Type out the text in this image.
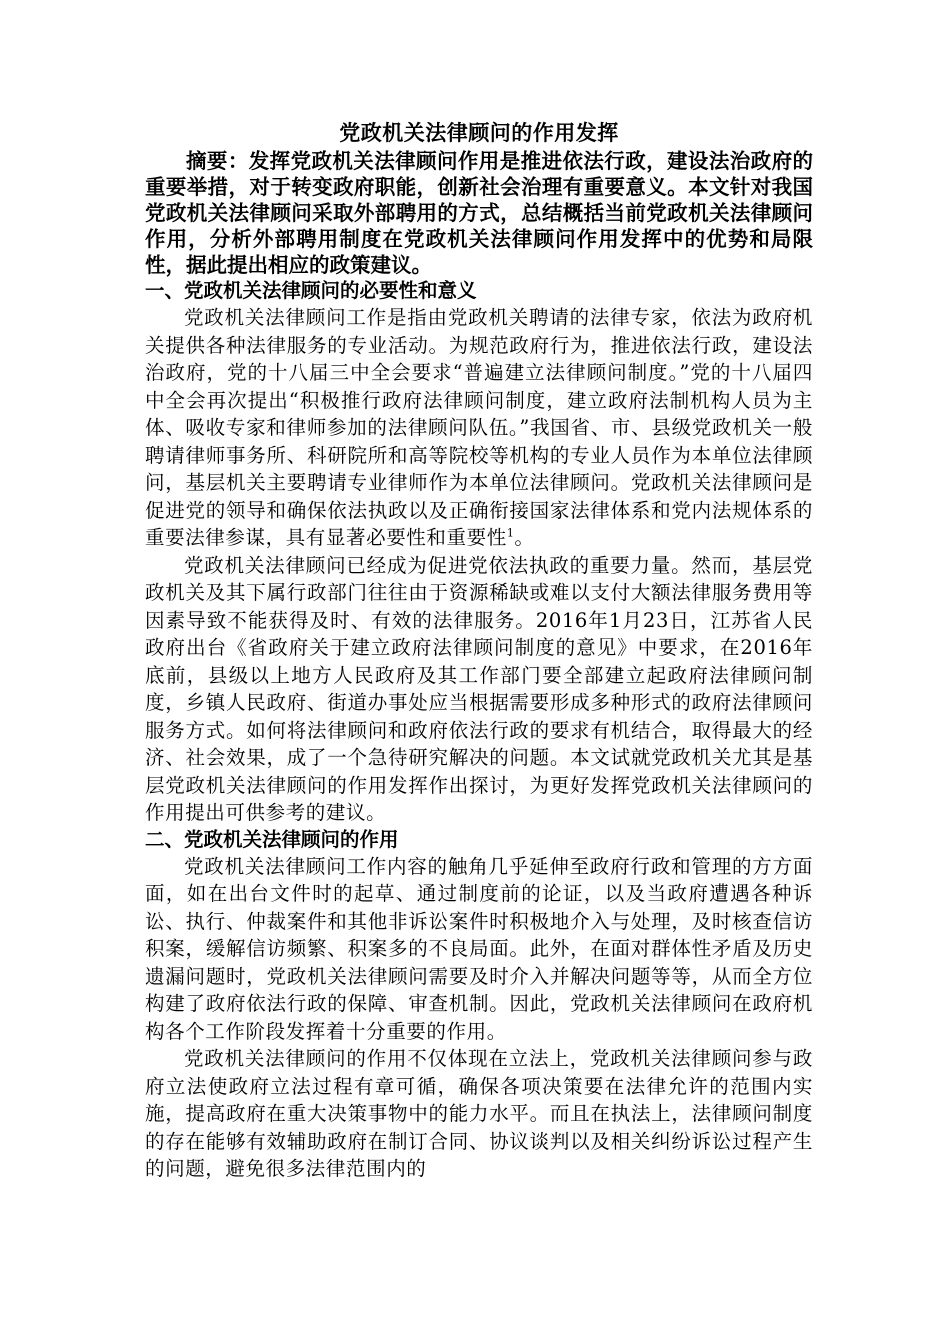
党政机关法律顾问的作用发挥

摘要：发挥党政机关法律顾问作用是推进依法行政，建设法治政府的重要举措，对于转变政府职能，创新社会治理有重要意义。本文针对我国党政机关法律顾问采取外部聘用的方式，总结概括当前党政机关法律顾问作用，分析外部聘用制度在党政机关法律顾问作用发挥中的优势和局限性，据此提出相应的政策建议。

一、党政机关法律顾问的必要性和意义

党政机关法律顾问工作是指由党政机关聘请的法律专家，依法为政府机关提供各种法律服务的专业活动。为规范政府行为，推进依法行政，建设法治政府，党的十八届三中全会要求“普遍建立法律顾问制度。”党的十八届四中全会再次提出“积极推行政府法律顾问制度，建立政府法制机构人员为主体、吸收专家和律师参加的法律顾问队伍。”我国省、市、县级党政机关一般聘请律师事务所、科研院所和高等院校等机构的专业人员作为本单位法律顾问，基层机关主要聘请专业律师作为本单位法律顾问。党政机关法律顾问是促进党的领导和确保依法执政以及正确衔接国家法律体系和党内法规体系的重要法律参谋，具有显著必要性和重要性$^1$。

党政机关法律顾问已经成为促进党依法执政的重要力量。然而，基层党政机关及其下属行政部门往往由于资源稀缺或难以支付大额法律服务费用等因素导致不能获得及时、有效的法律服务。2016年1月23日，江苏省人民政府出台《省政府关于建立政府法律顾问制度的意见》中要求，在2016年底前，县级以上地方人民政府及其工作部门要全部建立起政府法律顾问制度，乡镇人民政府、街道办事处应当根据需要形成多种形式的政府法律顾问服务方式。如何将法律顾问和政府依法行政的要求有机结合，取得最大的经济、社会效果，成了一个急待研究解决的问题。本文试就党政机关尤其是基层党政机关法律顾问的作用发挥作出探讨，为更好发挥党政机关法律顾问的作用提出可供参考的建议。

二、党政机关法律顾问的作用

党政机关法律顾问工作内容的触角几乎延伸至政府行政和管理的方方面面，如在出台文件时的起草、通过制度前的论证，以及当政府遭遇各种诉讼、执行、仲裁案件和其他非诉讼案件时积极地介入与处理，及时核查信访积案，缓解信访频繁、积案多的不良局面。此外，在面对群体性矛盾及历史遗漏问题时，党政机关法律顾问需要及时介入并解决问题等等，从而全方位构建了政府依法行政的保障、审查机制。因此，党政机关法律顾问在政府机构各个工作阶段发挥着十分重要的作用。

党政机关法律顾问的作用不仅体现在立法上，党政机关法律顾问参与政府立法使政府立法过程有章可循，确保各项决策要在法律允许的范围内实施，提高政府在重大决策事物中的能力水平。而且在执法上，法律顾问制度的存在能够有效辅助政府在制订合同、协议谈判以及相关纠纷诉讼过程产生的问题，避免很多法律范围内的
